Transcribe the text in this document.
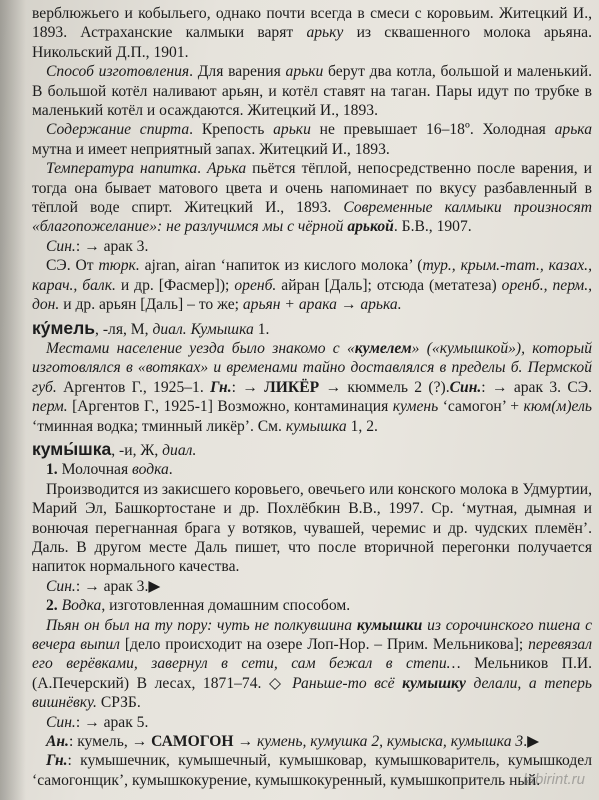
верблюжьего и кобыльего, однако почти всегда в смеси с коровьим. Житецкий И., 1893. Астраханские калмыки варят арьку из сквашенного молока арьяна. Никольский Д.П., 1901.

Способ изготовления. Для варения арьки берут два котла, большой и маленький. В большой котёл наливают арьян, и котёл ставят на таган. Пары идут по трубке в маленький котёл и осаждаются. Житецкий И., 1893.

Содержание спирта. Крепость арьки не превышает 16–18º. Холодная арька мутна и имеет неприятный запах. Житецкий И., 1893.

Температура напитка. Арька пьётся тёплой, непосредственно после варения, и тогда она бывает матового цвета и очень напоминает по вкусу разбавленный в тёплой воде спирт. Житецкий И., 1893. Современные калмыки произносят «благопожелание»: не разлучимся мы с чёрной арькой. Б.В., 1907.

Син.: → арак 3.

СЭ. От тюрк. ajran, airan ‘напиток из кислого молока’ (тур., крым.-тат., казах., карач., балк. и др. [Фасмер]); оренб. айран [Даль]; отсюда (метатеза) оренб., перм., дон. и др. арьян [Даль] – то же; арьян + арака → арька.

ку́мель, -ля, М, диал. Кумышка 1.

Местами население уезда было знакомо с «кумелем» («кумышкой»), который изготовлялся в «вотяках» и временами тайно доставлялся в пределы б. Пермской губ. Аргентов Г., 1925–1. Гн.: → ЛИКЁР → кюммель 2 (?).Син.: → арак 3. СЭ. перм. [Аргентов Г., 1925-1] Возможно, контаминация кумень ‘самогон’ + кюм(м)ель ‘тминная водка; тминный ликёр’. См. кумышка 1, 2.

кумы́шка, -и, Ж, диал.

1. Молочная водка.

Производится из закисшего коровьего, овечьего или конского молока в Удмуртии, Марий Эл, Башкортостане и др. Похлёбкин В.В., 1997. Ср. ‘мутная, дымная и вонючая перегнанная брага у вотяков, чувашей, черемис и др. чудских племён’. Даль. В другом месте Даль пишет, что после вторичной перегонки получается напиток нормального качества.

Син.: → арак 3.▶

2. Водка, изготовленная домашним способом.

Пьян он был на ту пору: чуть не полкувшина кумышки из сорочинского пшена с вечера выпил [дело происходит на озере Лоп-Нор. – Прим. Мельникова]; перевязал его верёвками, завернул в сети, сам бежал в степи… Мельников П.И. (А.Печерский) В лесах, 1871–74. ◇ Раньше-то всё кумышку делали, а теперь вишнёвку. СРЗБ.

Син.: → арак 5.

Ан.: кумель, → САМОГОН → кумень, кумушка 2, кумыска, кумышка 3.▶

Гн.: кумышечник, кумышечный, кумышковар, кумышковаритель, кумышкодел ‘самогонщик’, кумышкокурение, кумышкокуренный, кумышкопритель ный.

labirint.ru
